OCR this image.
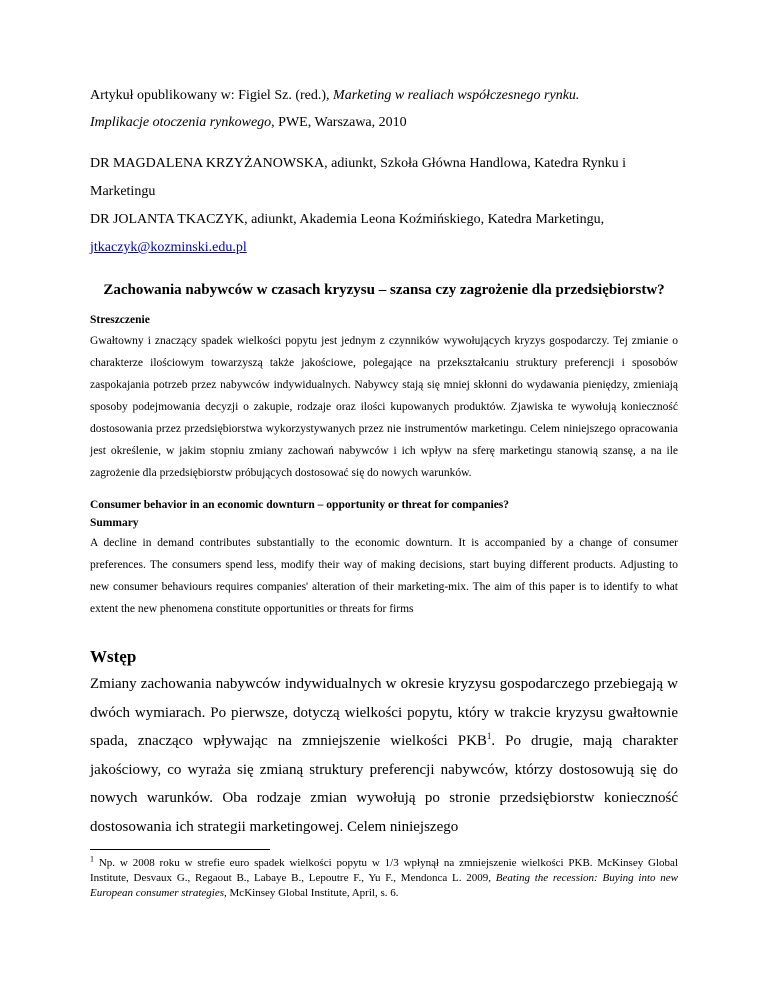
Artykuł opublikowany w: Figiel Sz. (red.), Marketing w realiach współczesnego rynku.
Implikacje otoczenia rynkowego, PWE, Warszawa, 2010

DR MAGDALENA KRZYŻANOWSKA, adiunkt, Szkoła Główna Handlowa, Katedra Rynku i Marketingu

DR JOLANTA TKACZYK, adiunkt, Akademia Leona Koźmińskiego, Katedra Marketingu,

jtkaczyk@kozminski.edu.pl

Zachowania nabywców w czasach kryzysu – szansa czy zagrożenie dla przedsiębiorstw?
Streszczenie

Gwałtowny i znaczący spadek wielkości popytu jest jednym z czynników wywołujących kryzys gospodarczy. Tej zmianie o charakterze ilościowym towarzyszą także jakościowe, polegające na przekształcaniu struktury preferencji i sposobów zaspokajania potrzeb przez nabywców indywidualnych. Nabywcy stają się mniej skłonni do wydawania pieniędzy, zmieniają sposoby podejmowania decyzji o zakupie, rodzaje oraz ilości kupowanych produktów. Zjawiska te wywołują konieczność dostosowania przez przedsiębiorstwa wykorzystywanych przez nie instrumentów marketingu. Celem niniejszego opracowania jest określenie, w jakim stopniu zmiany zachowań nabywców i ich wpływ na sferę marketingu stanowią szansę, a na ile zagrożenie dla przedsiębiorstw próbujących dostosować się do nowych warunków.

Consumer behavior in an economic downturn – opportunity or threat for companies?
Summary

A decline in demand contributes substantially to the economic downturn. It is accompanied by a change of consumer preferences. The consumers spend less, modify their way of making decisions, start buying different products. Adjusting to new consumer behaviours requires companies' alteration of their marketing-mix. The aim of this paper is to identify to what extent the new phenomena constitute opportunities or threats for firms

Wstęp

Zmiany zachowania nabywców indywidualnych w okresie kryzysu gospodarczego przebiegają w dwóch wymiarach. Po pierwsze, dotyczą wielkości popytu, który w trakcie kryzysu gwałtownie spada, znacząco wpływając na zmniejszenie wielkości PKB$^1$. Po drugie, mają charakter jakościowy, co wyraża się zmianą struktury preferencji nabywców, którzy dostosowują się do nowych warunków. Oba rodzaje zmian wywołują po stronie przedsiębiorstw konieczność dostosowania ich strategii marketingowej. Celem niniejszego

$^1$ Np. w 2008 roku w strefie euro spadek wielkości popytu w 1/3 wpłynął na zmniejszenie wielkości PKB. McKinsey Global Institute, Desvaux G., Regaout B., Labaye B., Lepoutre F., Yu F., Mendonca L. 2009, Beating the recession: Buying into new European consumer strategies, McKinsey Global Institute, April, s. 6.
